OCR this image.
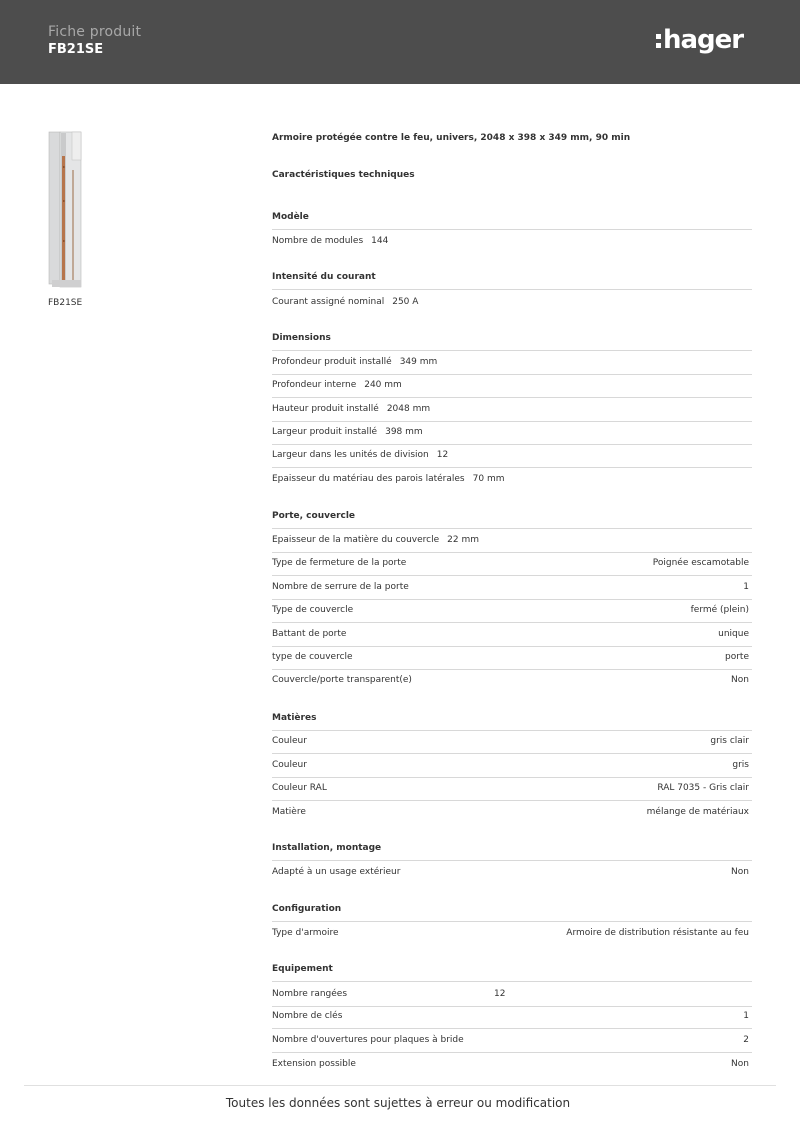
Fiche produit
FB21SE	hager
FB21SE
Armoire protégée contre le feu, univers, 2048 x 398 x 349 mm, 90 min
Caractéristiques techniques
Modèle
Nombre de modules 144
Intensité du courant
Courant assigné nominal 250 A
Dimensions
Profondeur produit installé 349 mm
Profondeur interne 240 mm
Hauteur produit installé 2048 mm
Largeur produit installé 398 mm
Largeur dans les unités de division 12
Epaisseur du matériau des parois latérales 70 mm
Porte, couvercle
Epaisseur de la matière du couvercle 22 mm
Type de fermeture de la porte	Poignée escamotable
Nombre de serrure de la porte	1
Type de couvercle	fermé (plein)
Battant de porte	unique
type de couvercle	porte
Couvercle/porte transparent(e)	Non
Matières
Couleur	gris clair
Couleur	gris
Couleur RAL	RAL 7035 - Gris clair
Matière	mélange de matériaux
Installation, montage
Adapté à un usage extérieur	Non
Configuration
Type d'armoire	Armoire de distribution résistante au feu
Equipement
Nombre rangées	12
Nombre de clés	1
Nombre d'ouvertures pour plaques à bride	2
Extension possible	Non
Toutes les données sont sujettes à erreur ou modification
